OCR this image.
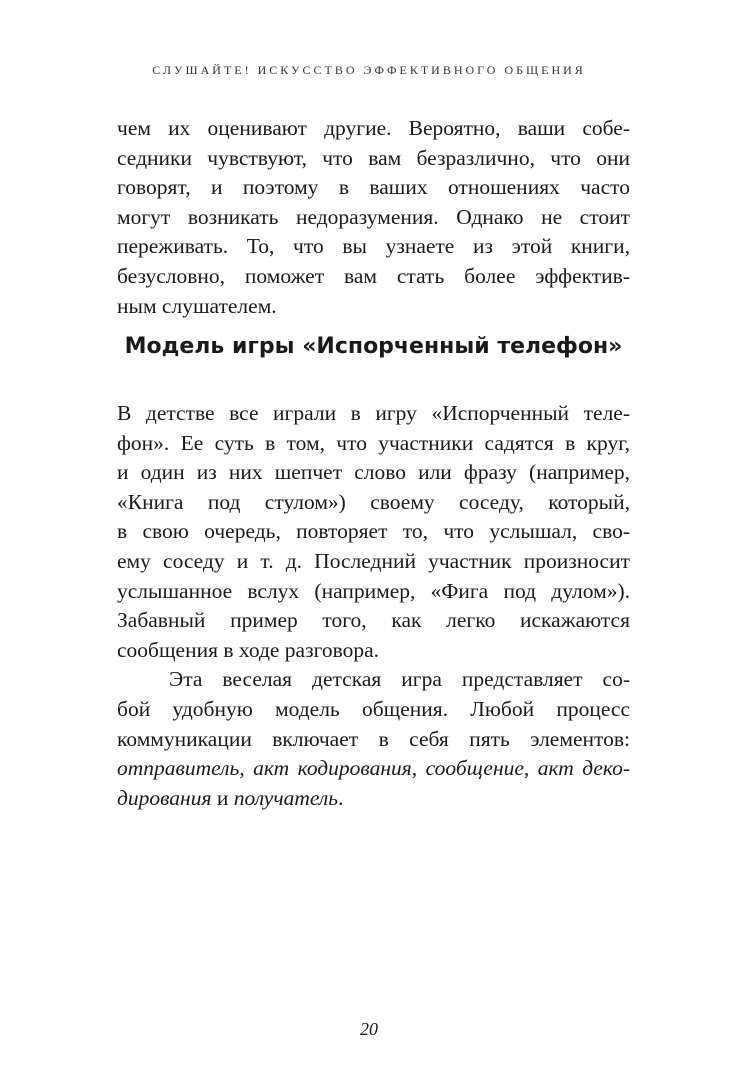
СЛУШАЙТЕ! ИСКУССТВО ЭФФЕКТИВНОГО ОБЩЕНИЯ
чем их оценивают другие. Вероятно, ваши собе-
седники чувствуют, что вам безразлично, что они
говорят, и поэтому в ваших отношениях часто
могут возникать недоразумения. Однако не стоит
переживать. То, что вы узнаете из этой книги,
безусловно, поможет вам стать более эффектив-
ным слушателем.
Модель игры «Испорченный телефон»
В детстве все играли в игру «Испорченный теле-
фон». Ее суть в том, что участники садятся в круг,
и один из них шепчет слово или фразу (например,
«Книга под стулом») своему соседу, который,
в свою очередь, повторяет то, что услышал, сво-
ему соседу и т. д. Последний участник произносит
услышанное вслух (например, «Фига под дулом»).
Забавный пример того, как легко искажаются
сообщения в ходе разговора.
Эта веселая детская игра представляет со-
бой удобную модель общения. Любой процесс
коммуникации включает в себя пять элементов:
отправитель, акт кодирования, сообщение, акт деко-
дирования и получатель.
20
